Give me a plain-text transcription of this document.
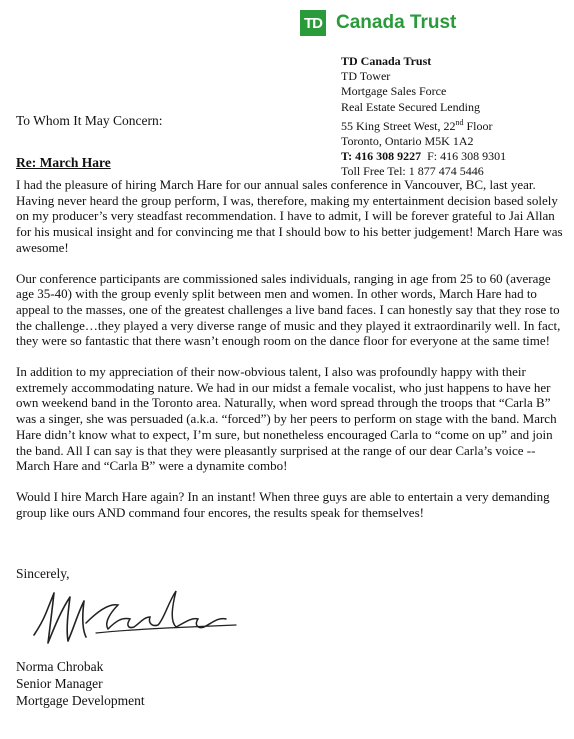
TD Canada Trust
TD Canada Trust
TD Tower
Mortgage Sales Force
Real Estate Secured Lending
55 King Street West, 22nd Floor
Toronto, Ontario M5K 1A2
T: 416 308 9227 F: 416 308 9301
Toll Free Tel: 1 877 474 5446
To Whom It May Concern:
Re: March Hare

I had the pleasure of hiring March Hare for our annual sales conference in Vancouver, BC, last year. Having never heard the group perform, I was, therefore, making my entertainment decision based solely on my producer’s very steadfast recommendation. I have to admit, I will be forever grateful to Jai Allan for his musical insight and for convincing me that I should bow to his better judgement! March Hare was awesome!

Our conference participants are commissioned sales individuals, ranging in age from 25 to 60 (average age 35-40) with the group evenly split between men and women. In other words, March Hare had to appeal to the masses, one of the greatest challenges a live band faces. I can honestly say that they rose to the challenge…they played a very diverse range of music and they played it extraordinarily well. In fact, they were so fantastic that there wasn’t enough room on the dance floor for everyone at the same time!

In addition to my appreciation of their now-obvious talent, I also was profoundly happy with their extremely accommodating nature. We had in our midst a female vocalist, who just happens to have her own weekend band in the Toronto area. Naturally, when word spread through the troops that “Carla B” was a singer, she was persuaded (a.k.a. “forced”) by her peers to perform on stage with the band. March Hare didn’t know what to expect, I’m sure, but nonetheless encouraged Carla to “come on up” and join the band. All I can say is that they were pleasantly surprised at the range of our dear Carla’s voice -- March Hare and “Carla B” were a dynamite combo!

Would I hire March Hare again? In an instant! When three guys are able to entertain a very demanding group like ours AND command four encores, the results speak for themselves!

Sincerely,
Norma Chrobak
Senior Manager
Mortgage Development
